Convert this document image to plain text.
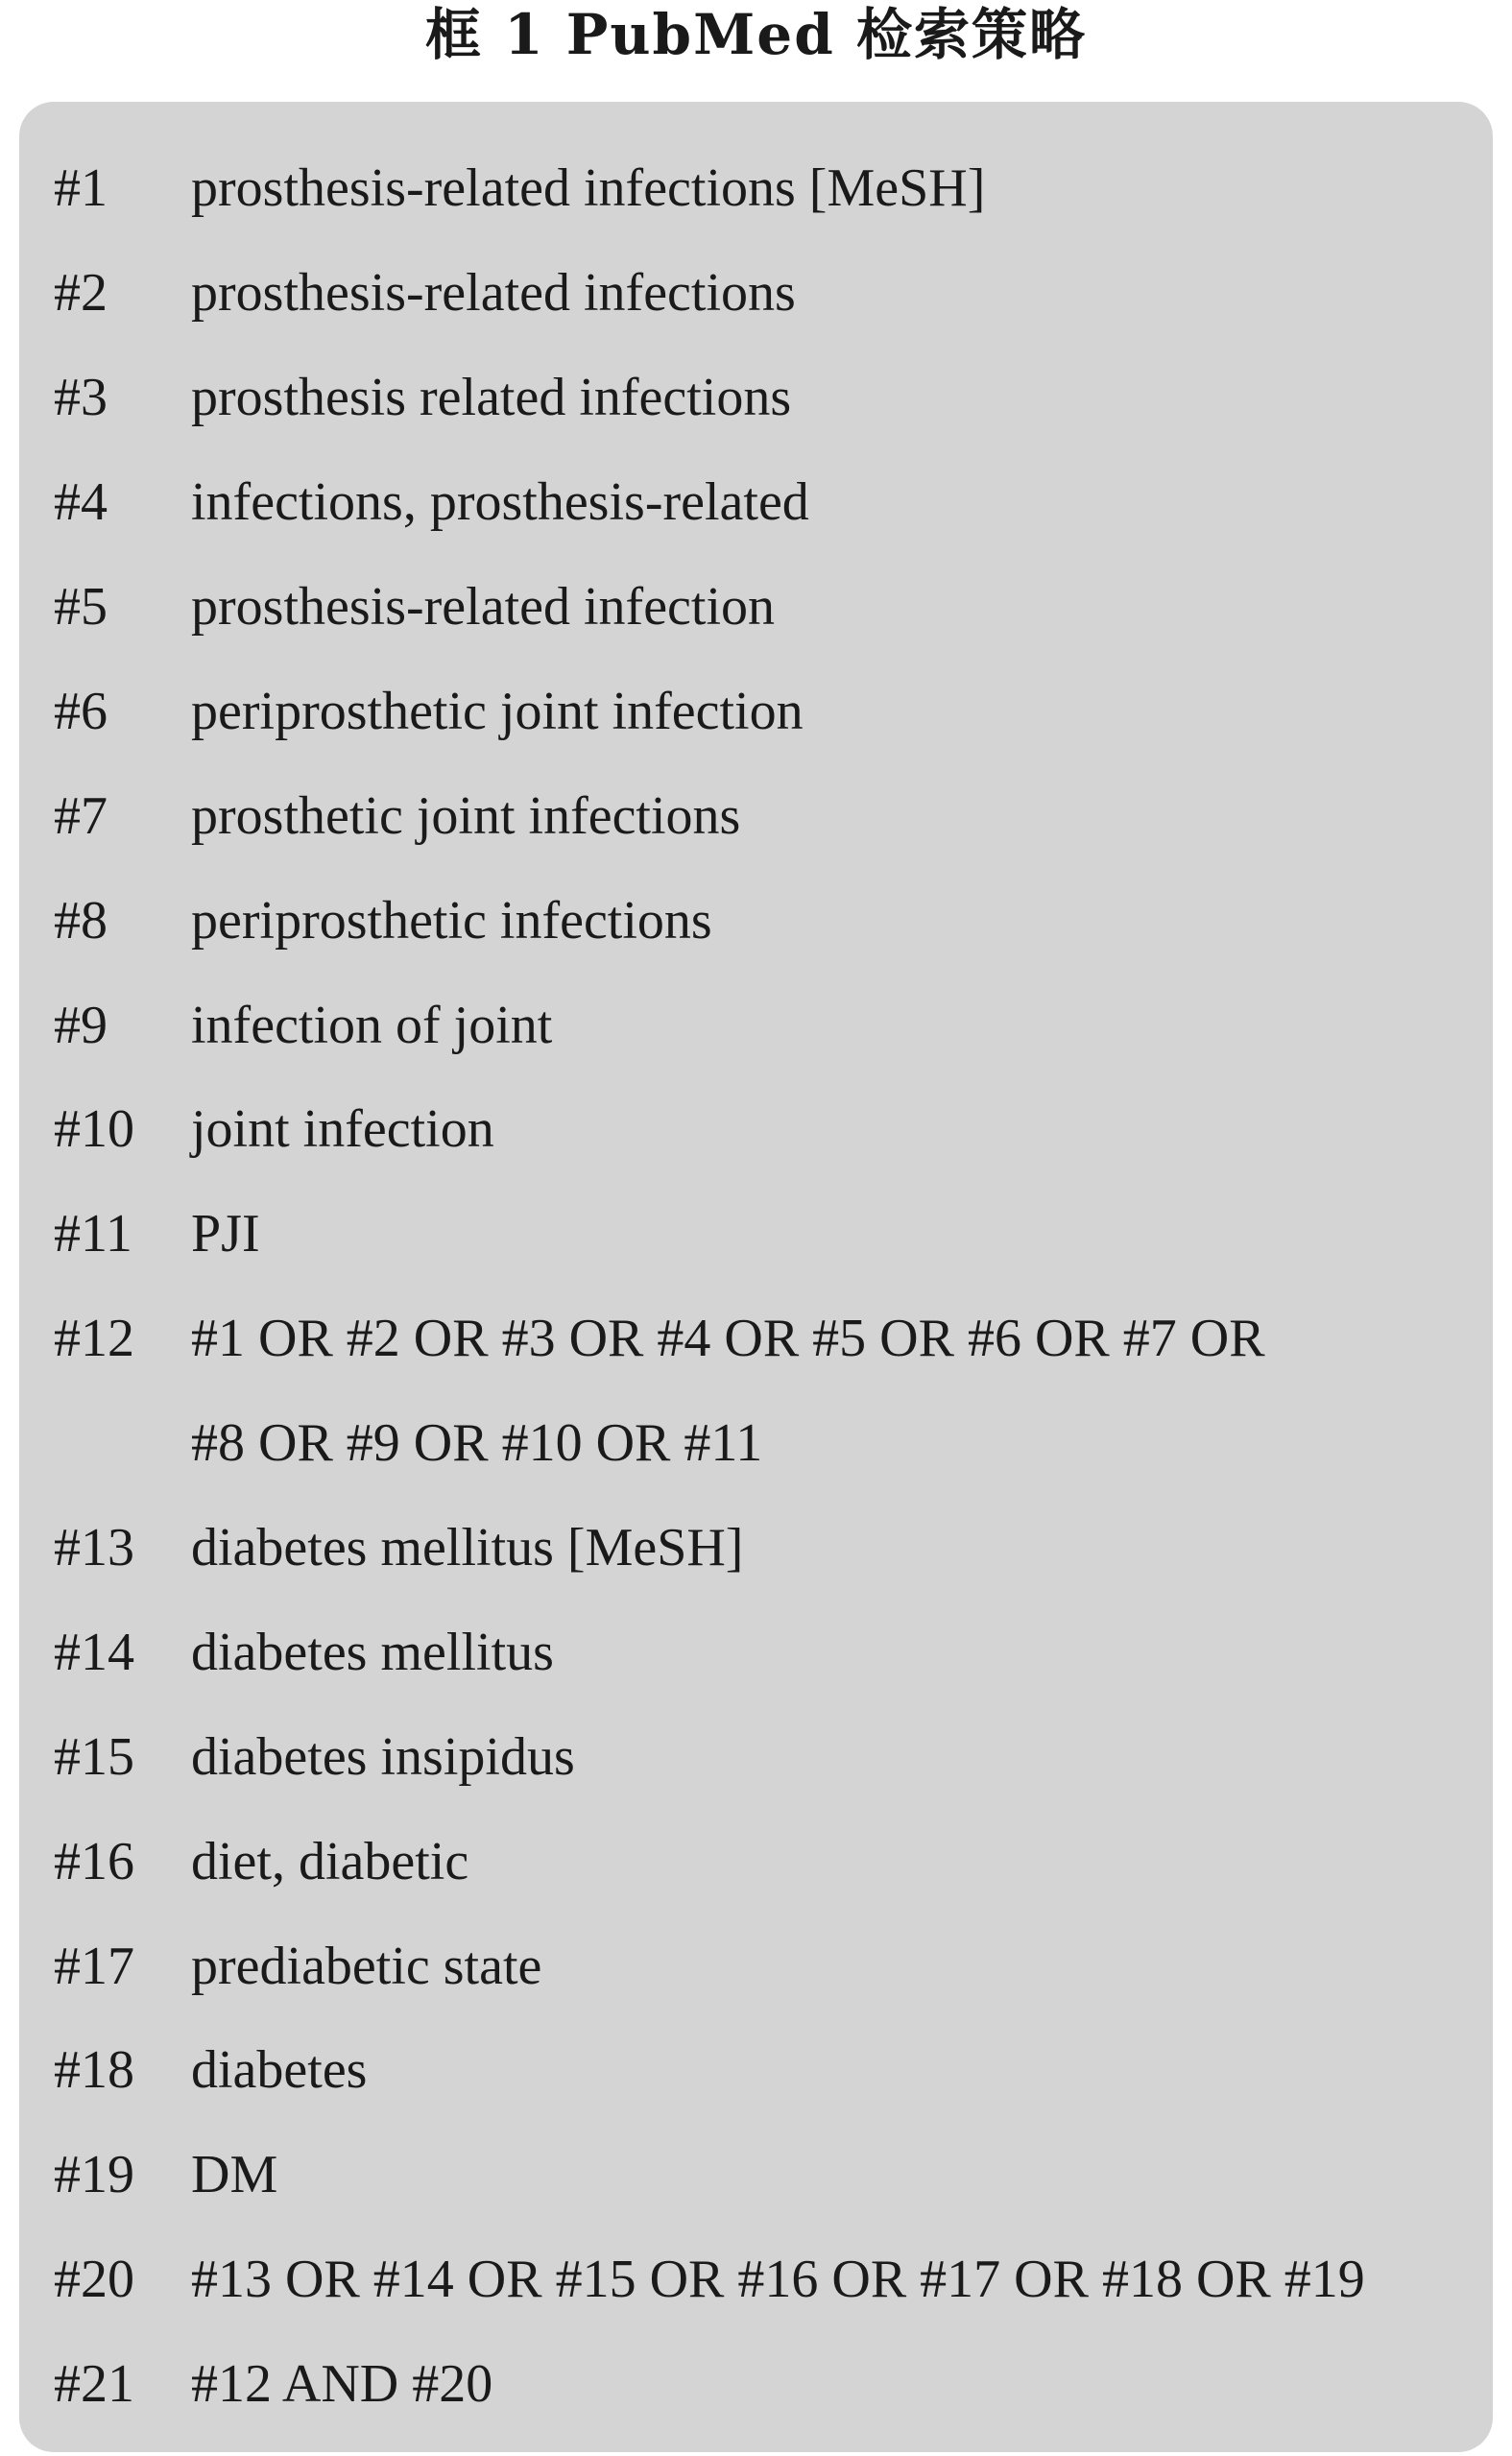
框 1 PubMed 检索策略
#1	prosthesis-related infections [MeSH]
#2	prosthesis-related infections
#3	prosthesis related infections
#4	infections, prosthesis-related
#5	prosthesis-related infection
#6	periprosthetic joint infection
#7	prosthetic joint infections
#8	periprosthetic infections
#9	infection of joint
#10	joint infection
#11	PJI
#12	#1 OR #2 OR #3 OR #4 OR #5 OR #6 OR #7 OR
#8 OR #9 OR #10 OR #11
#13	diabetes mellitus [MeSH]
#14	diabetes mellitus
#15	diabetes insipidus
#16	diet, diabetic
#17	prediabetic state
#18	diabetes
#19	DM
#20	#13 OR #14 OR #15 OR #16 OR #17 OR #18 OR #19
#21	#12 AND #20
